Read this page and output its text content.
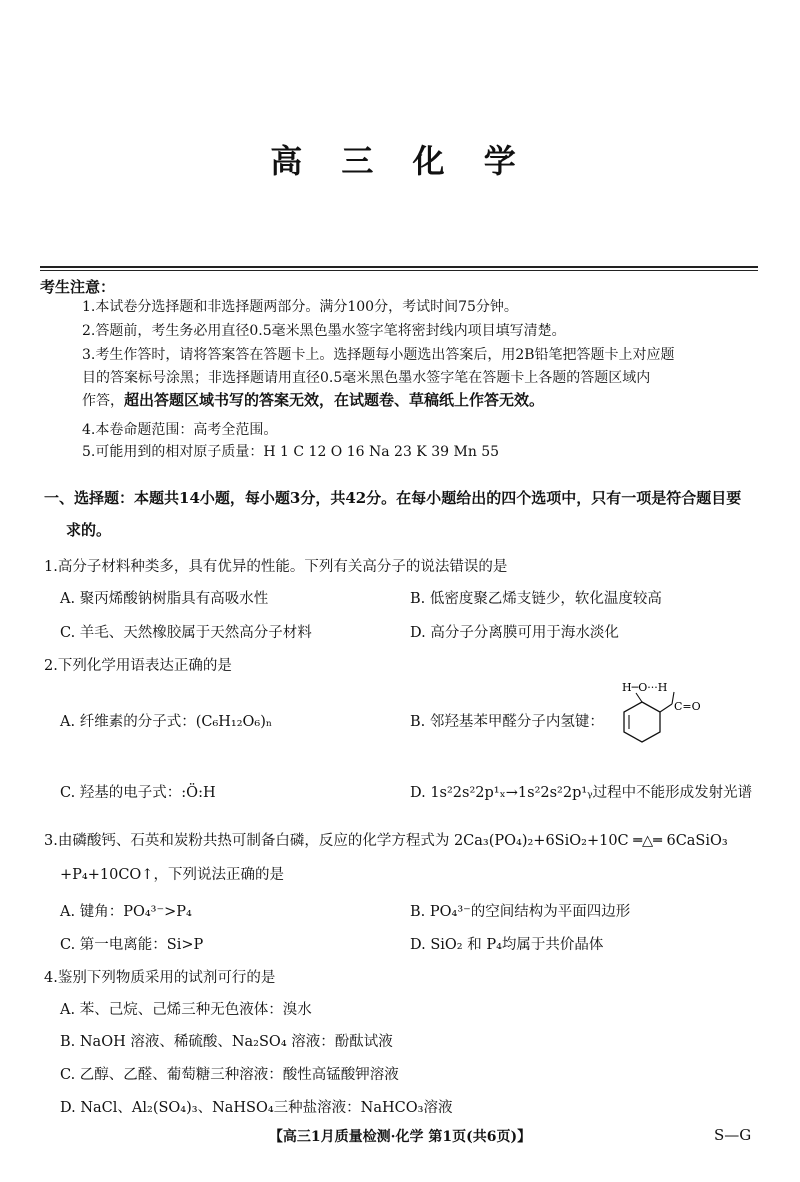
高 三 化 学
考生注意：
1.本试卷分选择题和非选择题两部分。满分100分，考试时间75分钟。
2.答题前，考生务必用直径0.5毫米黑色墨水签字笔将密封线内项目填写清楚。
3.考生作答时，请将答案答在答题卡上。选择题每小题选出答案后，用2B铅笔把答题卡上对应题
目的答案标号涂黑；非选择题请用直径0.5毫米黑色墨水签字笔在答题卡上各题的答题区域内
作答，超出答题区域书写的答案无效，在试题卷、草稿纸上作答无效。
4.本卷命题范围：高考全范围。
5.可能用到的相对原子质量：H 1 C 12 O 16 Na 23 K 39 Mn 55
一、选择题：本题共14小题，每小题3分，共42分。在每小题给出的四个选项中，只有一项是符合题目要
求的。
1.高分子材料种类多，具有优异的性能。下列有关高分子的说法错误的是
A. 聚丙烯酸钠树脂具有高吸水性	B. 低密度聚乙烯支链少，软化温度较高
C. 羊毛、天然橡胶属于天然高分子材料	D. 高分子分离膜可用于海水淡化
2.下列化学用语表达正确的是
A. 纤维素的分子式：(C₆H₁₂O₆)ₙ	B. 邻羟基苯甲醛分子内氢键：
H─O···H
C=O
C. 羟基的电子式：:Ö:H	D. 1s²2s²2p¹ₓ→1s²2s²2p¹ᵧ过程中不能形成发射光谱
3.由磷酸钙、石英和炭粉共热可制备白磷，反应的化学方程式为 2Ca₃(PO₄)₂+6SiO₂+10C ═△═ 6CaSiO₃
+P₄+10CO↑，下列说法正确的是
A. 键角：PO₄³⁻>P₄	B. PO₄³⁻的空间结构为平面四边形
C. 第一电离能：Si>P	D. SiO₂ 和 P₄均属于共价晶体
4.鉴别下列物质采用的试剂可行的是
A. 苯、己烷、己烯三种无色液体：溴水
B. NaOH 溶液、稀硫酸、Na₂SO₄ 溶液：酚酞试液
C. 乙醇、乙醛、葡萄糖三种溶液：酸性高锰酸钾溶液
D. NaCl、Al₂(SO₄)₃、NaHSO₄三种盐溶液：NaHCO₃溶液
【高三1月质量检测·化学 第1页(共6页)】	S—G
